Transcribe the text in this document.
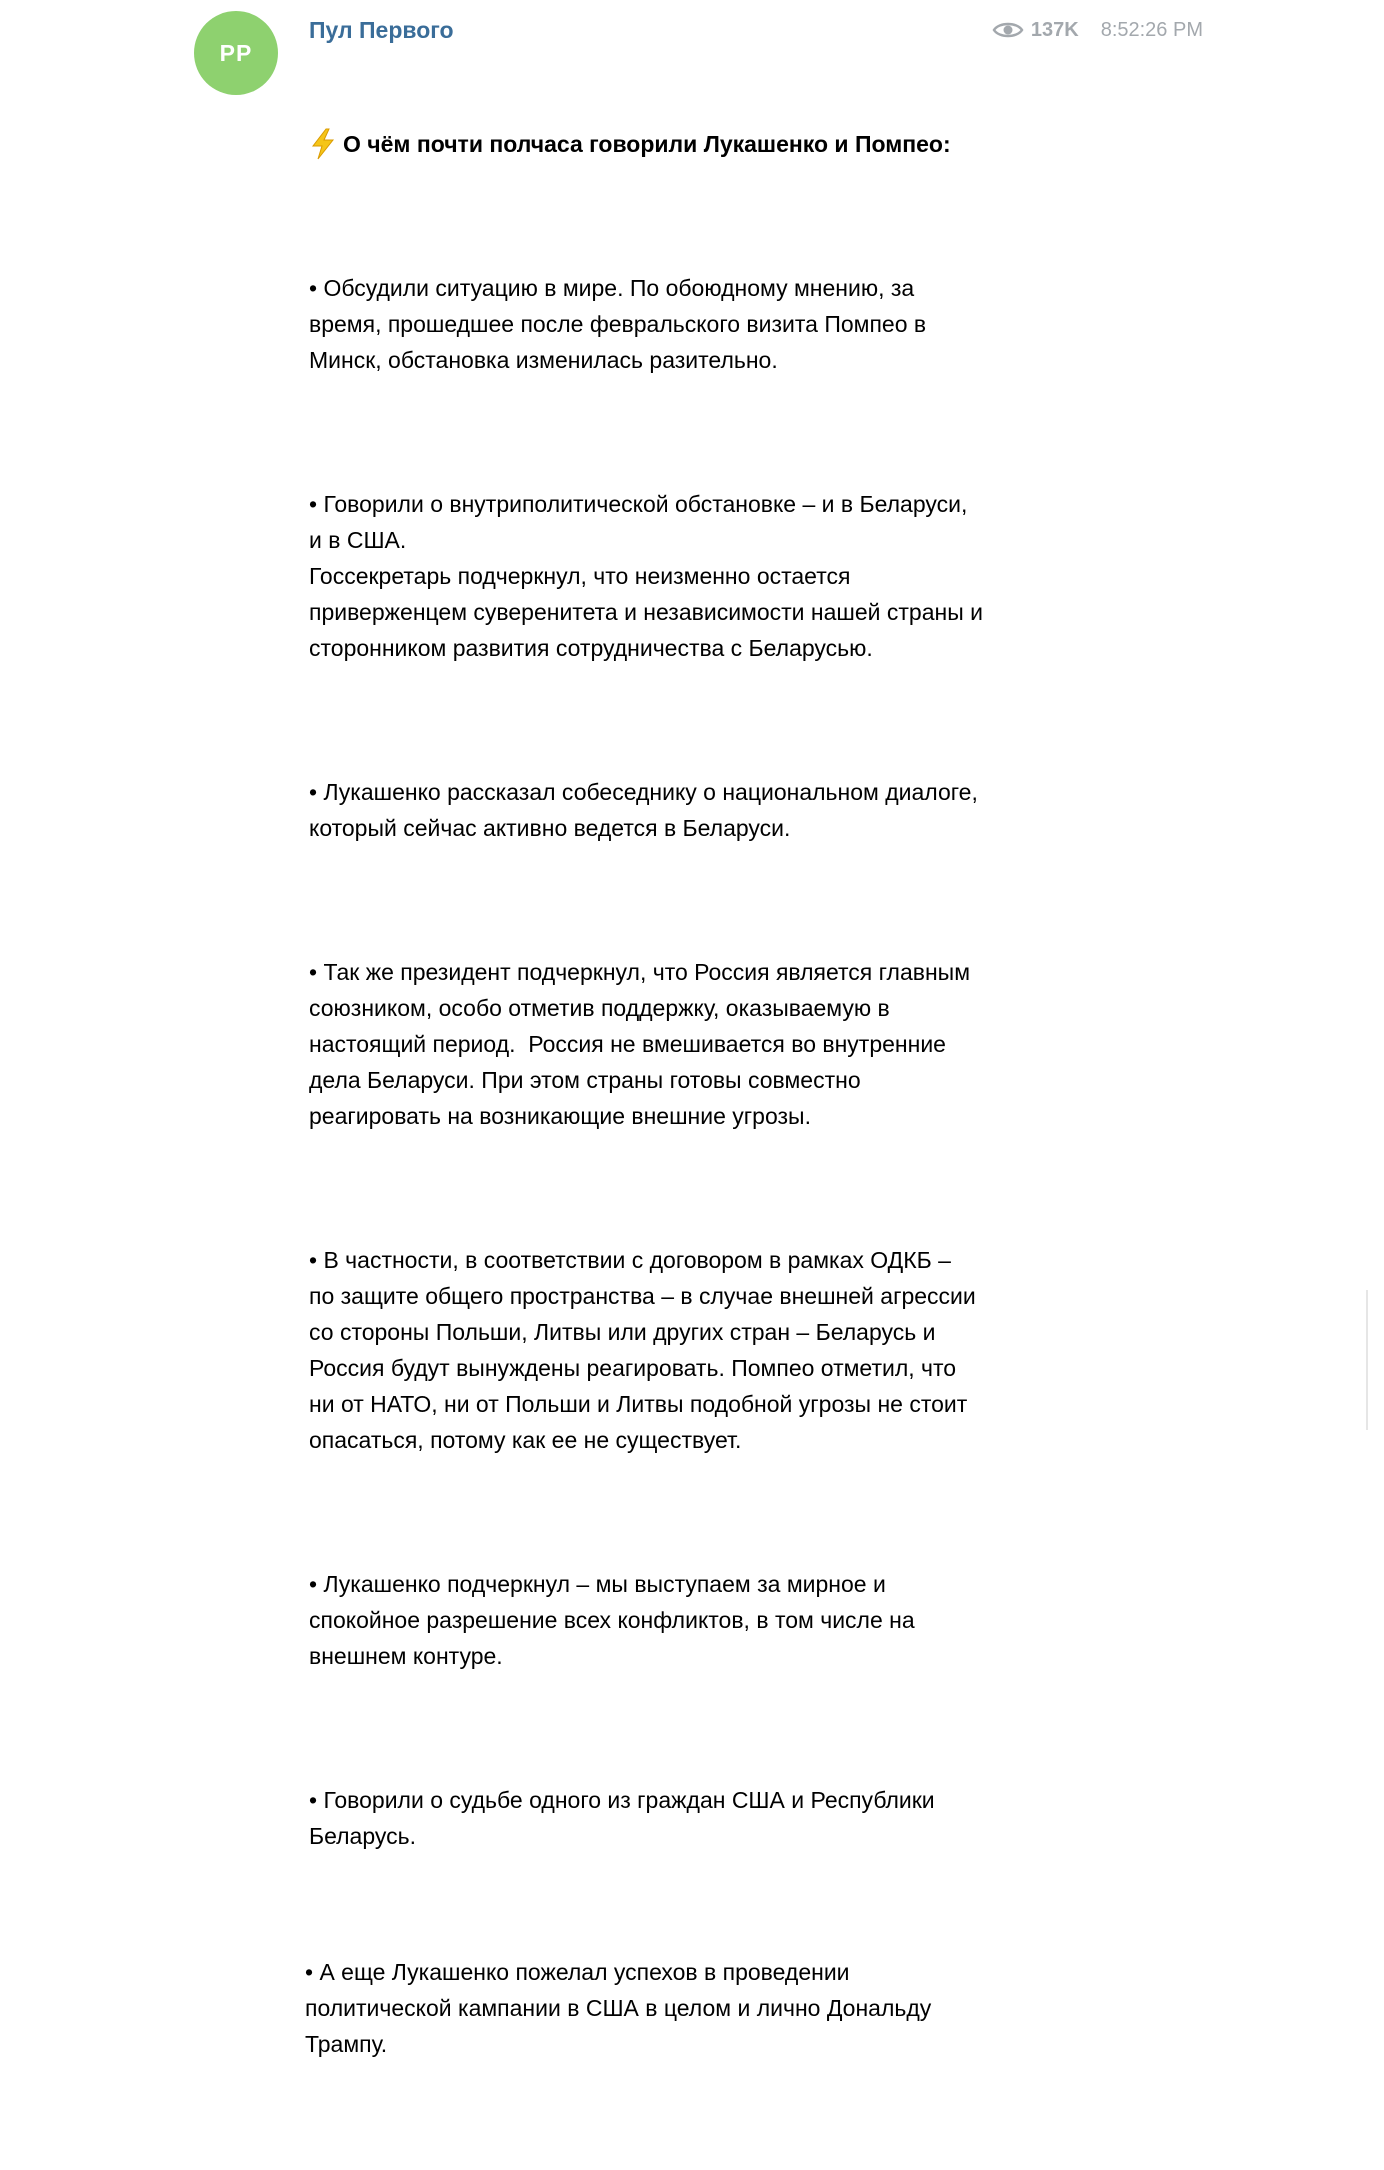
PP
Пул Первого	137K 8:52:26 PM

О чём почти полчаса говорили Лукашенко и Помпео:

• Обсудили ситуацию в мире. По обоюдному мнению, за
время, прошедшее после февральского визита Помпео в
Минск, обстановка изменилась разительно.

• Говорили о внутриполитической обстановке – и в Беларуси,
и в США.
Госсекретарь подчеркнул, что неизменно остается
приверженцем суверенитета и независимости нашей страны и
сторонником развития сотрудничества с Беларусью.

• Лукашенко рассказал собеседнику о национальном диалоге,
который сейчас активно ведется в Беларуси.

• Так же президент подчеркнул, что Россия является главным
союзником, особо отметив поддержку, оказываемую в
настоящий период.  Россия не вмешивается во внутренние
дела Беларуси. При этом страны готовы совместно
реагировать на возникающие внешние угрозы.

• В частности, в соответствии с договором в рамках ОДКБ –
по защите общего пространства – в случае внешней агрессии
со стороны Польши, Литвы или других стран – Беларусь и
Россия будут вынуждены реагировать. Помпео отметил, что
ни от НАТО, ни от Польши и Литвы подобной угрозы не стоит
опасаться, потому как ее не существует.

• Лукашенко подчеркнул – мы выступаем за мирное и
спокойное разрешение всех конфликтов, в том числе на
внешнем контуре.

• Говорили о судьбе одного из граждан США и Республики
Беларусь.

• А еще Лукашенко пожелал успехов в проведении
политической кампании в США в целом и лично Дональду
Трампу.
